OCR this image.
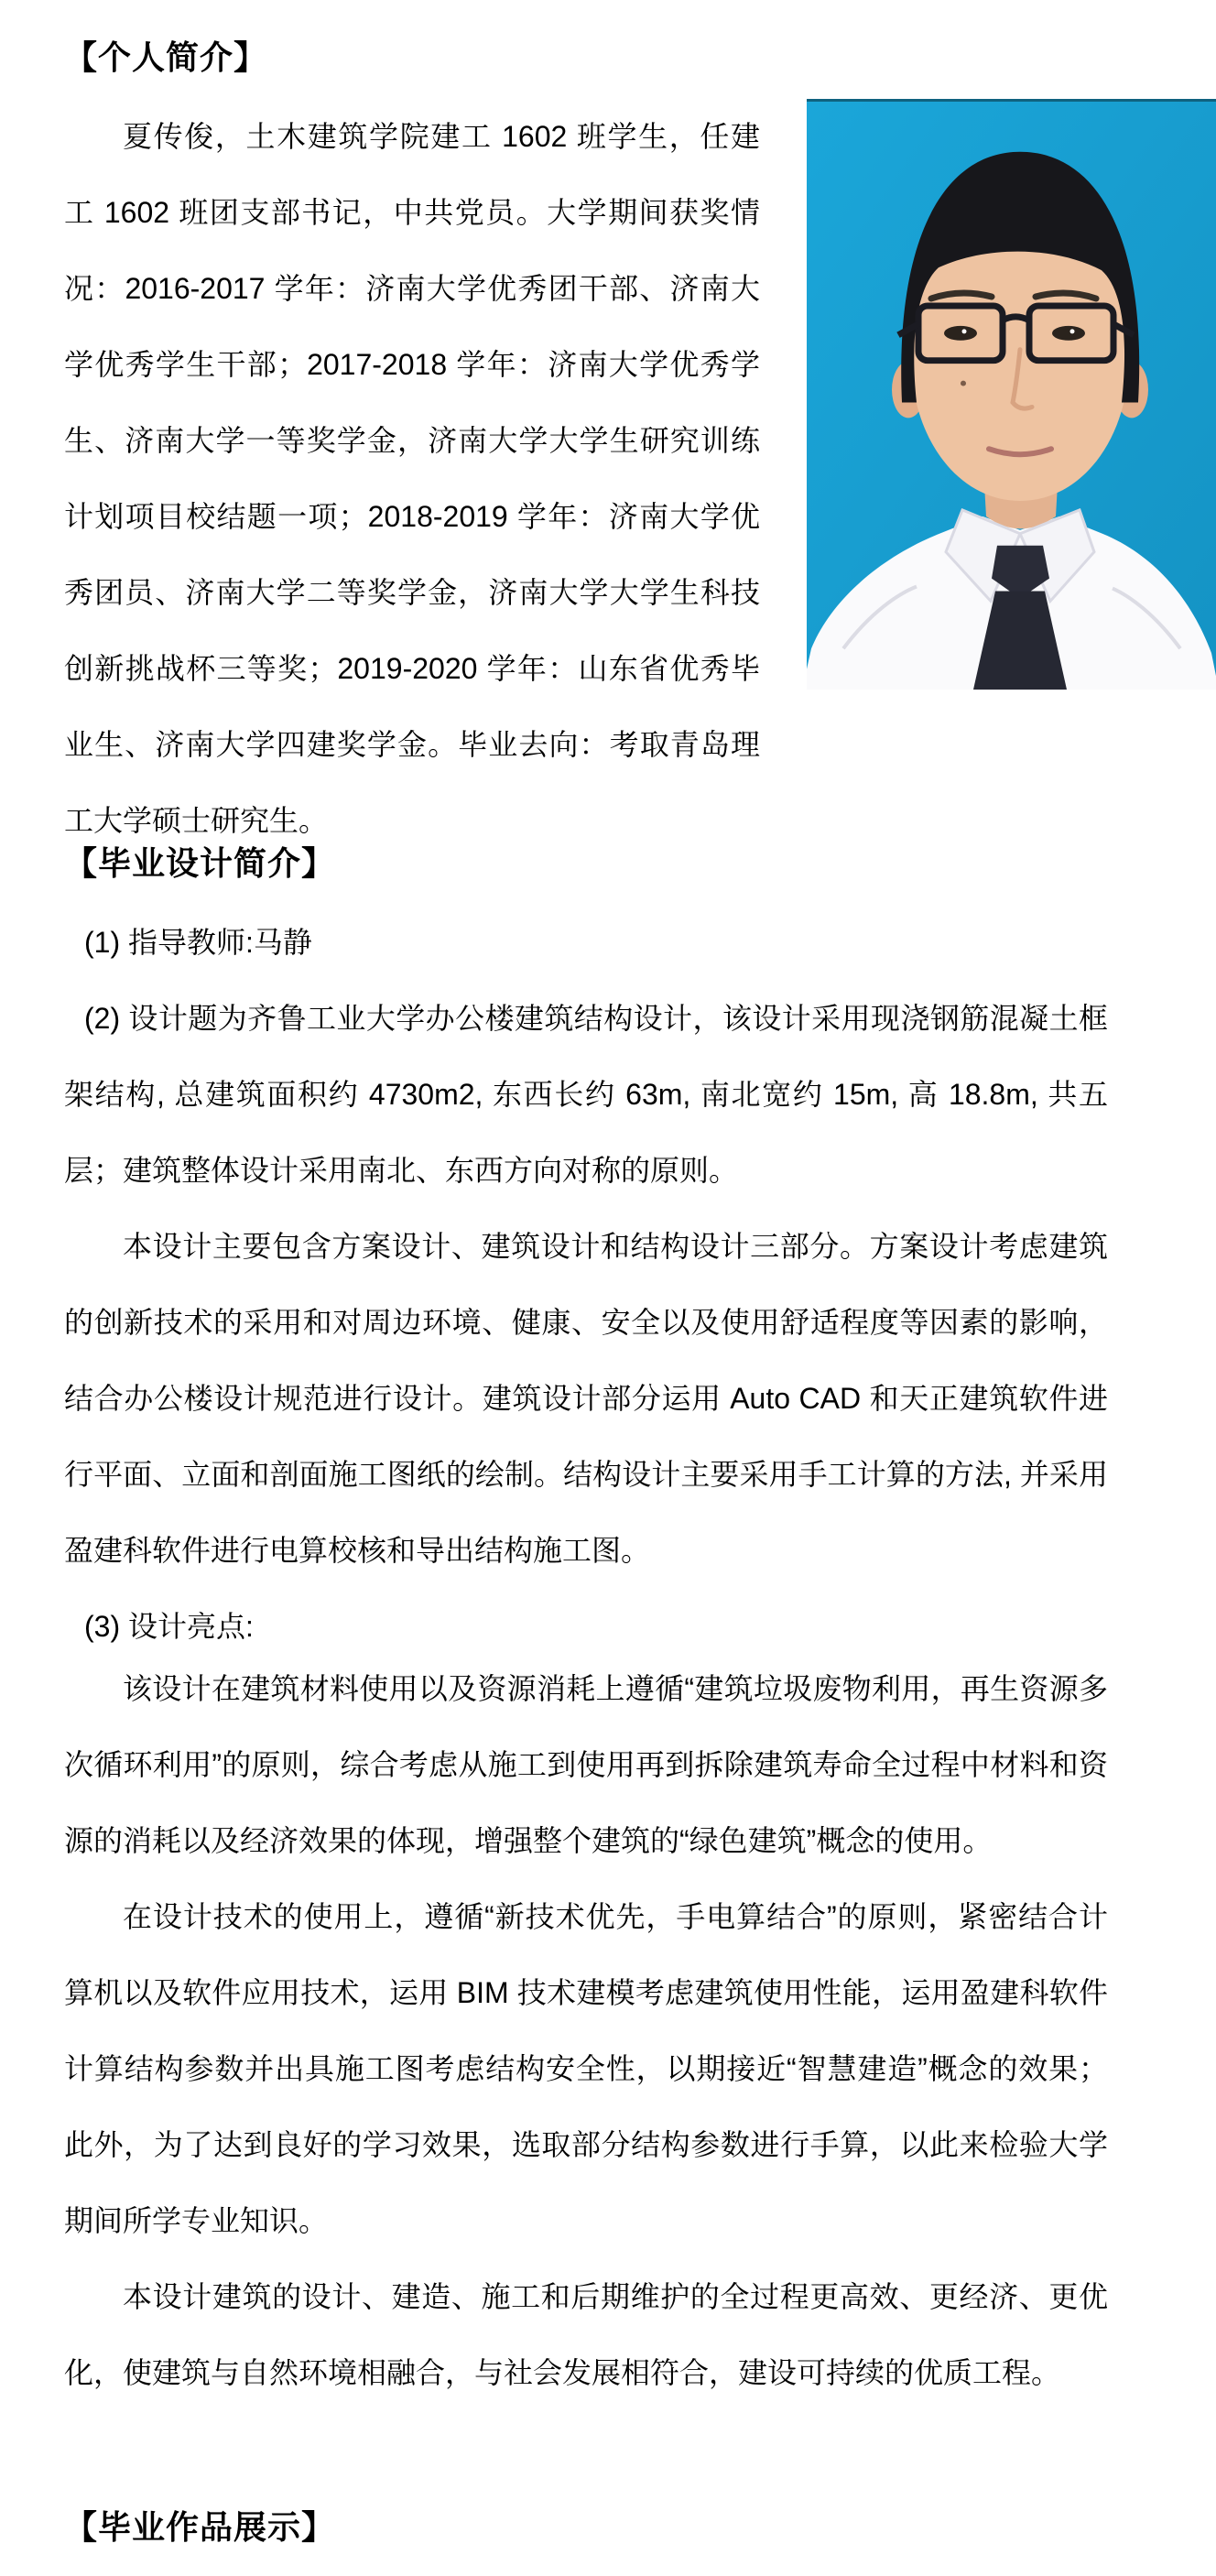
【个人简介】

夏传俊，土木建筑学院建工 1602 班学生，任建工 1602 班团支部书记，中共党员。大学期间获奖情况：2016-2017 学年：济南大学优秀团干部、济南大学优秀学生干部；2017-2018 学年：济南大学优秀学生、济南大学一等奖学金，济南大学大学生研究训练计划项目校结题一项；2018-2019 学年：济南大学优秀团员、济南大学二等奖学金，济南大学大学生科技创新挑战杯三等奖；2019-2020 学年：山东省优秀毕业生、济南大学四建奖学金。毕业去向：考取青岛理工大学硕士研究生。

【毕业设计简介】

(1) 指导教师:马静

(2) 设计题为齐鲁工业大学办公楼建筑结构设计，该设计采用现浇钢筋混凝土框架结构, 总建筑面积约 4730m2, 东西长约 63m, 南北宽约 15m, 高 18.8m, 共五层；建筑整体设计采用南北、东西方向对称的原则。

本设计主要包含方案设计、建筑设计和结构设计三部分。方案设计考虑建筑的创新技术的采用和对周边环境、健康、安全以及使用舒适程度等因素的影响，结合办公楼设计规范进行设计。建筑设计部分运用 Auto CAD 和天正建筑软件进行平面、立面和剖面施工图纸的绘制。结构设计主要采用手工计算的方法, 并采用盈建科软件进行电算校核和导出结构施工图。

(3) 设计亮点:

该设计在建筑材料使用以及资源消耗上遵循“建筑垃圾废物利用，再生资源多次循环利用”的原则，综合考虑从施工到使用再到拆除建筑寿命全过程中材料和资源的消耗以及经济效果的体现，增强整个建筑的“绿色建筑”概念的使用。

在设计技术的使用上，遵循“新技术优先，手电算结合”的原则，紧密结合计算机以及软件应用技术，运用 BIM 技术建模考虑建筑使用性能，运用盈建科软件计算结构参数并出具施工图考虑结构安全性，以期接近“智慧建造”概念的效果；此外，为了达到良好的学习效果，选取部分结构参数进行手算，以此来检验大学期间所学专业知识。

本设计建筑的设计、建造、施工和后期维护的全过程更高效、更经济、更优化，使建筑与自然环境相融合，与社会发展相符合，建设可持续的优质工程。

【毕业作品展示】
